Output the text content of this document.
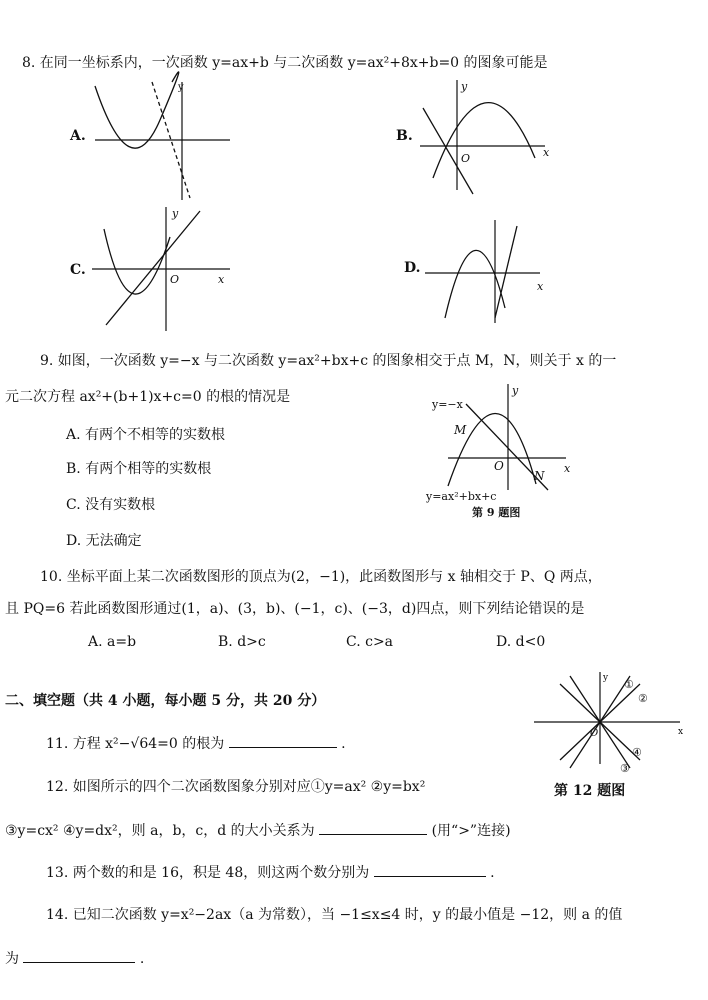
8. 在同一坐标系内，一次函数 y=ax+b 与二次函数 y=ax²+8x+b=0 的图象可能是
A.
y
B.
y
O	x
C.
y
O	x
D.
x
9. 如图，一次函数 y=−x 与二次函数 y=ax²+bx+c 的图象相交于点 M，N，则关于 x 的一
元二次方程 ax²+(b+1)x+c=0 的根的情况是
A. 有两个不相等的实数根
B. 有两个相等的实数根
C. 没有实数根
D. 无法确定
y
y=−x
M
O
N
x
y=ax²+bx+c
第 9 题图
10. 坐标平面上某二次函数图形的顶点为(2，−1)，此函数图形与 x 轴相交于 P、Q 两点，
且 PQ=6 若此函数图形通过(1，a)、(3，b)、(−1，c)、(−3，d)四点，则下列结论错误的是
A. a=b	B. d>c	C. c>a	D. d<0
二、填空题（共 4 小题，每小题 5 分，共 20 分）
11. 方程 x²−√64=0 的根为	.
①
②
③
④
O	x
y
第 12 题图
12. 如图所示的四个二次函数图象分别对应①y=ax² ②y=bx²
③y=cx² ④y=dx²，则 a，b，c，d 的大小关系为	(用“>”连接)
13. 两个数的和是 16，积是 48，则这两个数分别为	.
14. 已知二次函数 y=x²−2ax（a 为常数），当 −1≤x≤4 时，y 的最小值是 −12，则 a 的值
为	.
